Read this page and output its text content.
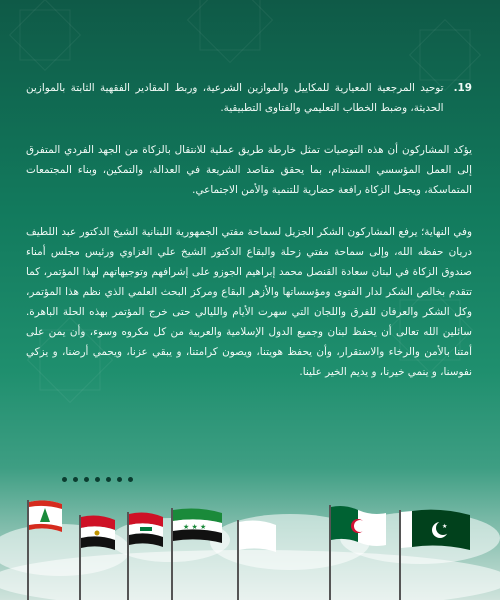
.19
توحيد المرجعية المعيارية للمكاييل والموازين الشرعية، وربط المقادير الفقهية الثابتة بالموازين الحديثة، وضبط الخطاب التعليمي والفتاوى التطبيقية.

يؤكد المشاركون أن هذه التوصيات تمثل خارطة طريق عملية للانتقال بالزكاة من الجهد الفردي المتفرق إلى العمل المؤسسي المستدام، بما يحقق مقاصد الشريعة في العدالة، والتمكين، وبناء المجتمعات المتماسكة، ويجعل الزكاة رافعة حضارية للتنمية والأمن الاجتماعي.

وفي النهاية؛ يرفع المشاركون الشكر الجزيل لسماحة مفتي الجمهورية اللبنانية الشيخ الدكتور عبد اللطيف دريان حفظه الله، وإلى سماحة مفتي زحلة والبقاع الدكتور الشيخ علي الغزاوي ورئيس مجلس أمناء صندوق الزكاة في لبنان سعادة القنصل محمد إبراهيم الجوزو على إشرافهم وتوجيهاتهم لهذا المؤتمر، كما تتقدم بخالص الشكر لدار الفتوى ومؤسساتها والأزهر البقاع ومركز البحث العلمي الذي نظم هذا المؤتمر، وكل الشكر والعرفان للفرق واللجان التي سهرت الأيام والليالي حتى خرج المؤتمر بهذه الحلة الباهرة. سائلين الله تعالى أن يحفظ لبنان وجميع الدول الإسلامية والعربية من كل مكروه وسوء، وأن يمن على أمتنا بالأمن والرخاء والاستقرار، وأن يحفظ هويتنا، ويصون كرامتنا، و يبقي عزنا، ويحمي أرضنا، و يزكي نفوسنا، و ينمي خيرنا، و يديم الخير علينا.

★ ★ ★	★
